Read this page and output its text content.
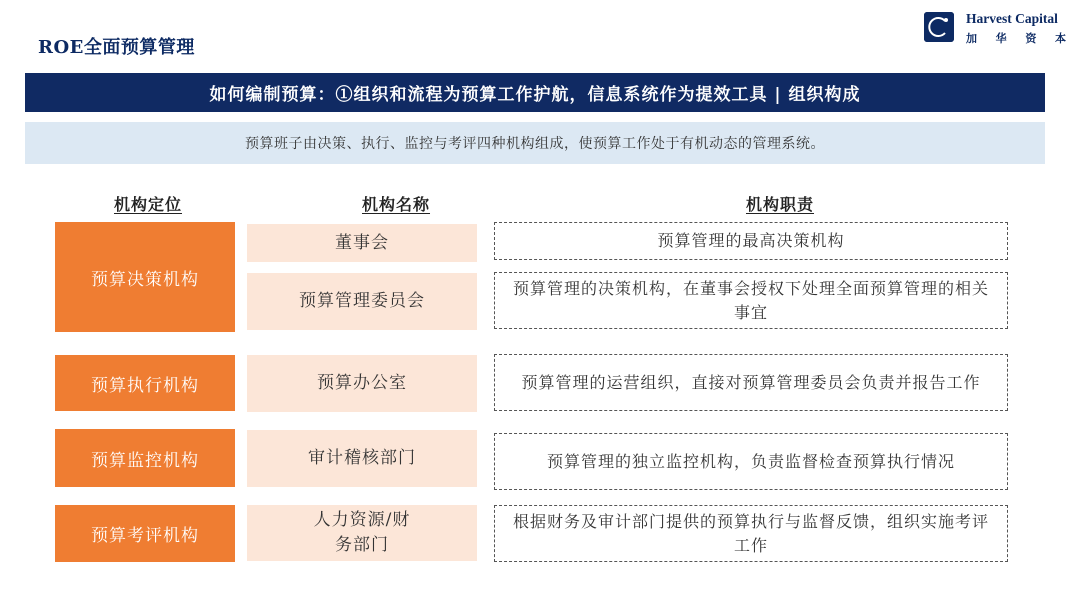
ROE全面预算管理
Harvest Capital
加 华 资 本
如何编制预算：①组织和流程为预算工作护航，信息系统作为提效工具 | 组织构成
预算班子由决策、执行、监控与考评四种机构组成，使预算工作处于有机动态的管理系统。
机构定位	机构名称	机构职责
预算决策机构
预算执行机构
预算监控机构
预算考评机构
董事会
预算管理委员会
预算办公室
审计稽核部门
人力资源/财务部门
预算管理的最高决策机构
预算管理的决策机构，在董事会授权下处理全面预算管理的相关事宜
预算管理的运营组织，直接对预算管理委员会负责并报告工作
预算管理的独立监控机构，负责监督检查预算执行情况
根据财务及审计部门提供的预算执行与监督反馈，组织实施考评工作
